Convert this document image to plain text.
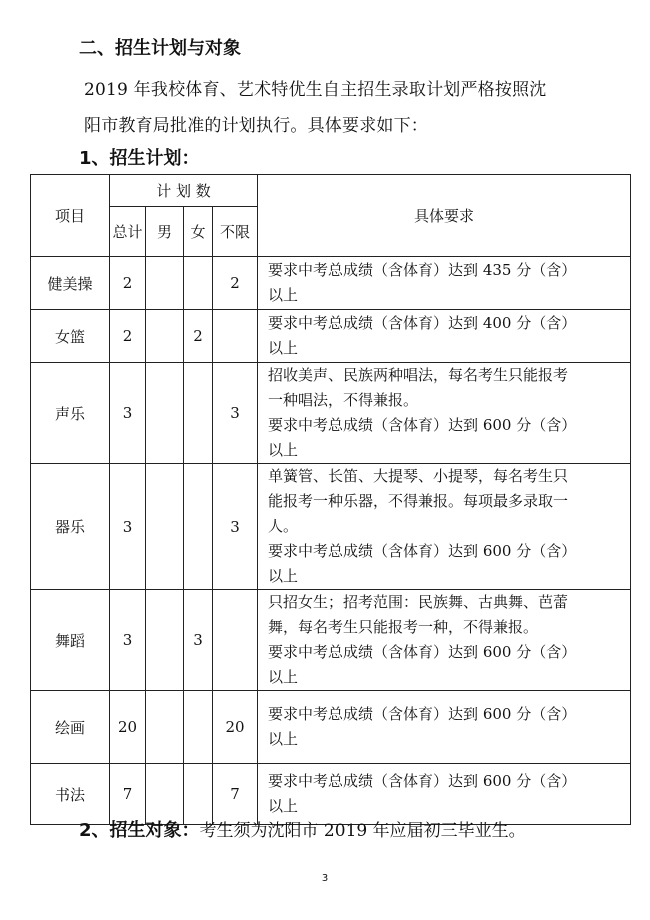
二、招生计划与对象
2019 年我校体育、艺术特优生自主招生录取计划严格按照沈
阳市教育局批准的计划执行。具体要求如下：
1、招生计划：
项目	计 划 数				具体要求
	总计	男	女	不限	
健美操	2			2	要求中考总成绩（含体育）达到 435 分（含）
以上

女篮	2		2		要求中考总成绩（含体育）达到 400 分（含）
以上

声乐	3			3	招收美声、民族两种唱法，每名考生只能报考
一种唱法，不得兼报。
要求中考总成绩（含体育）达到 600 分（含）
以上

器乐	3			3	单簧管、长笛、大提琴、小提琴，每名考生只
能报考一种乐器，不得兼报。每项最多录取一
人。
要求中考总成绩（含体育）达到 600 分（含）
以上

舞蹈	3		3		只招女生；招考范围：民族舞、古典舞、芭蕾
舞，每名考生只能报考一种，不得兼报。
要求中考总成绩（含体育）达到 600 分（含）
以上

绘画	20			20	要求中考总成绩（含体育）达到 600 分（含）
以上

书法	7			7	要求中考总成绩（含体育）达到 600 分（含）
以上
2、招生对象：考生须为沈阳市 2019 年应届初三毕业生。
3
